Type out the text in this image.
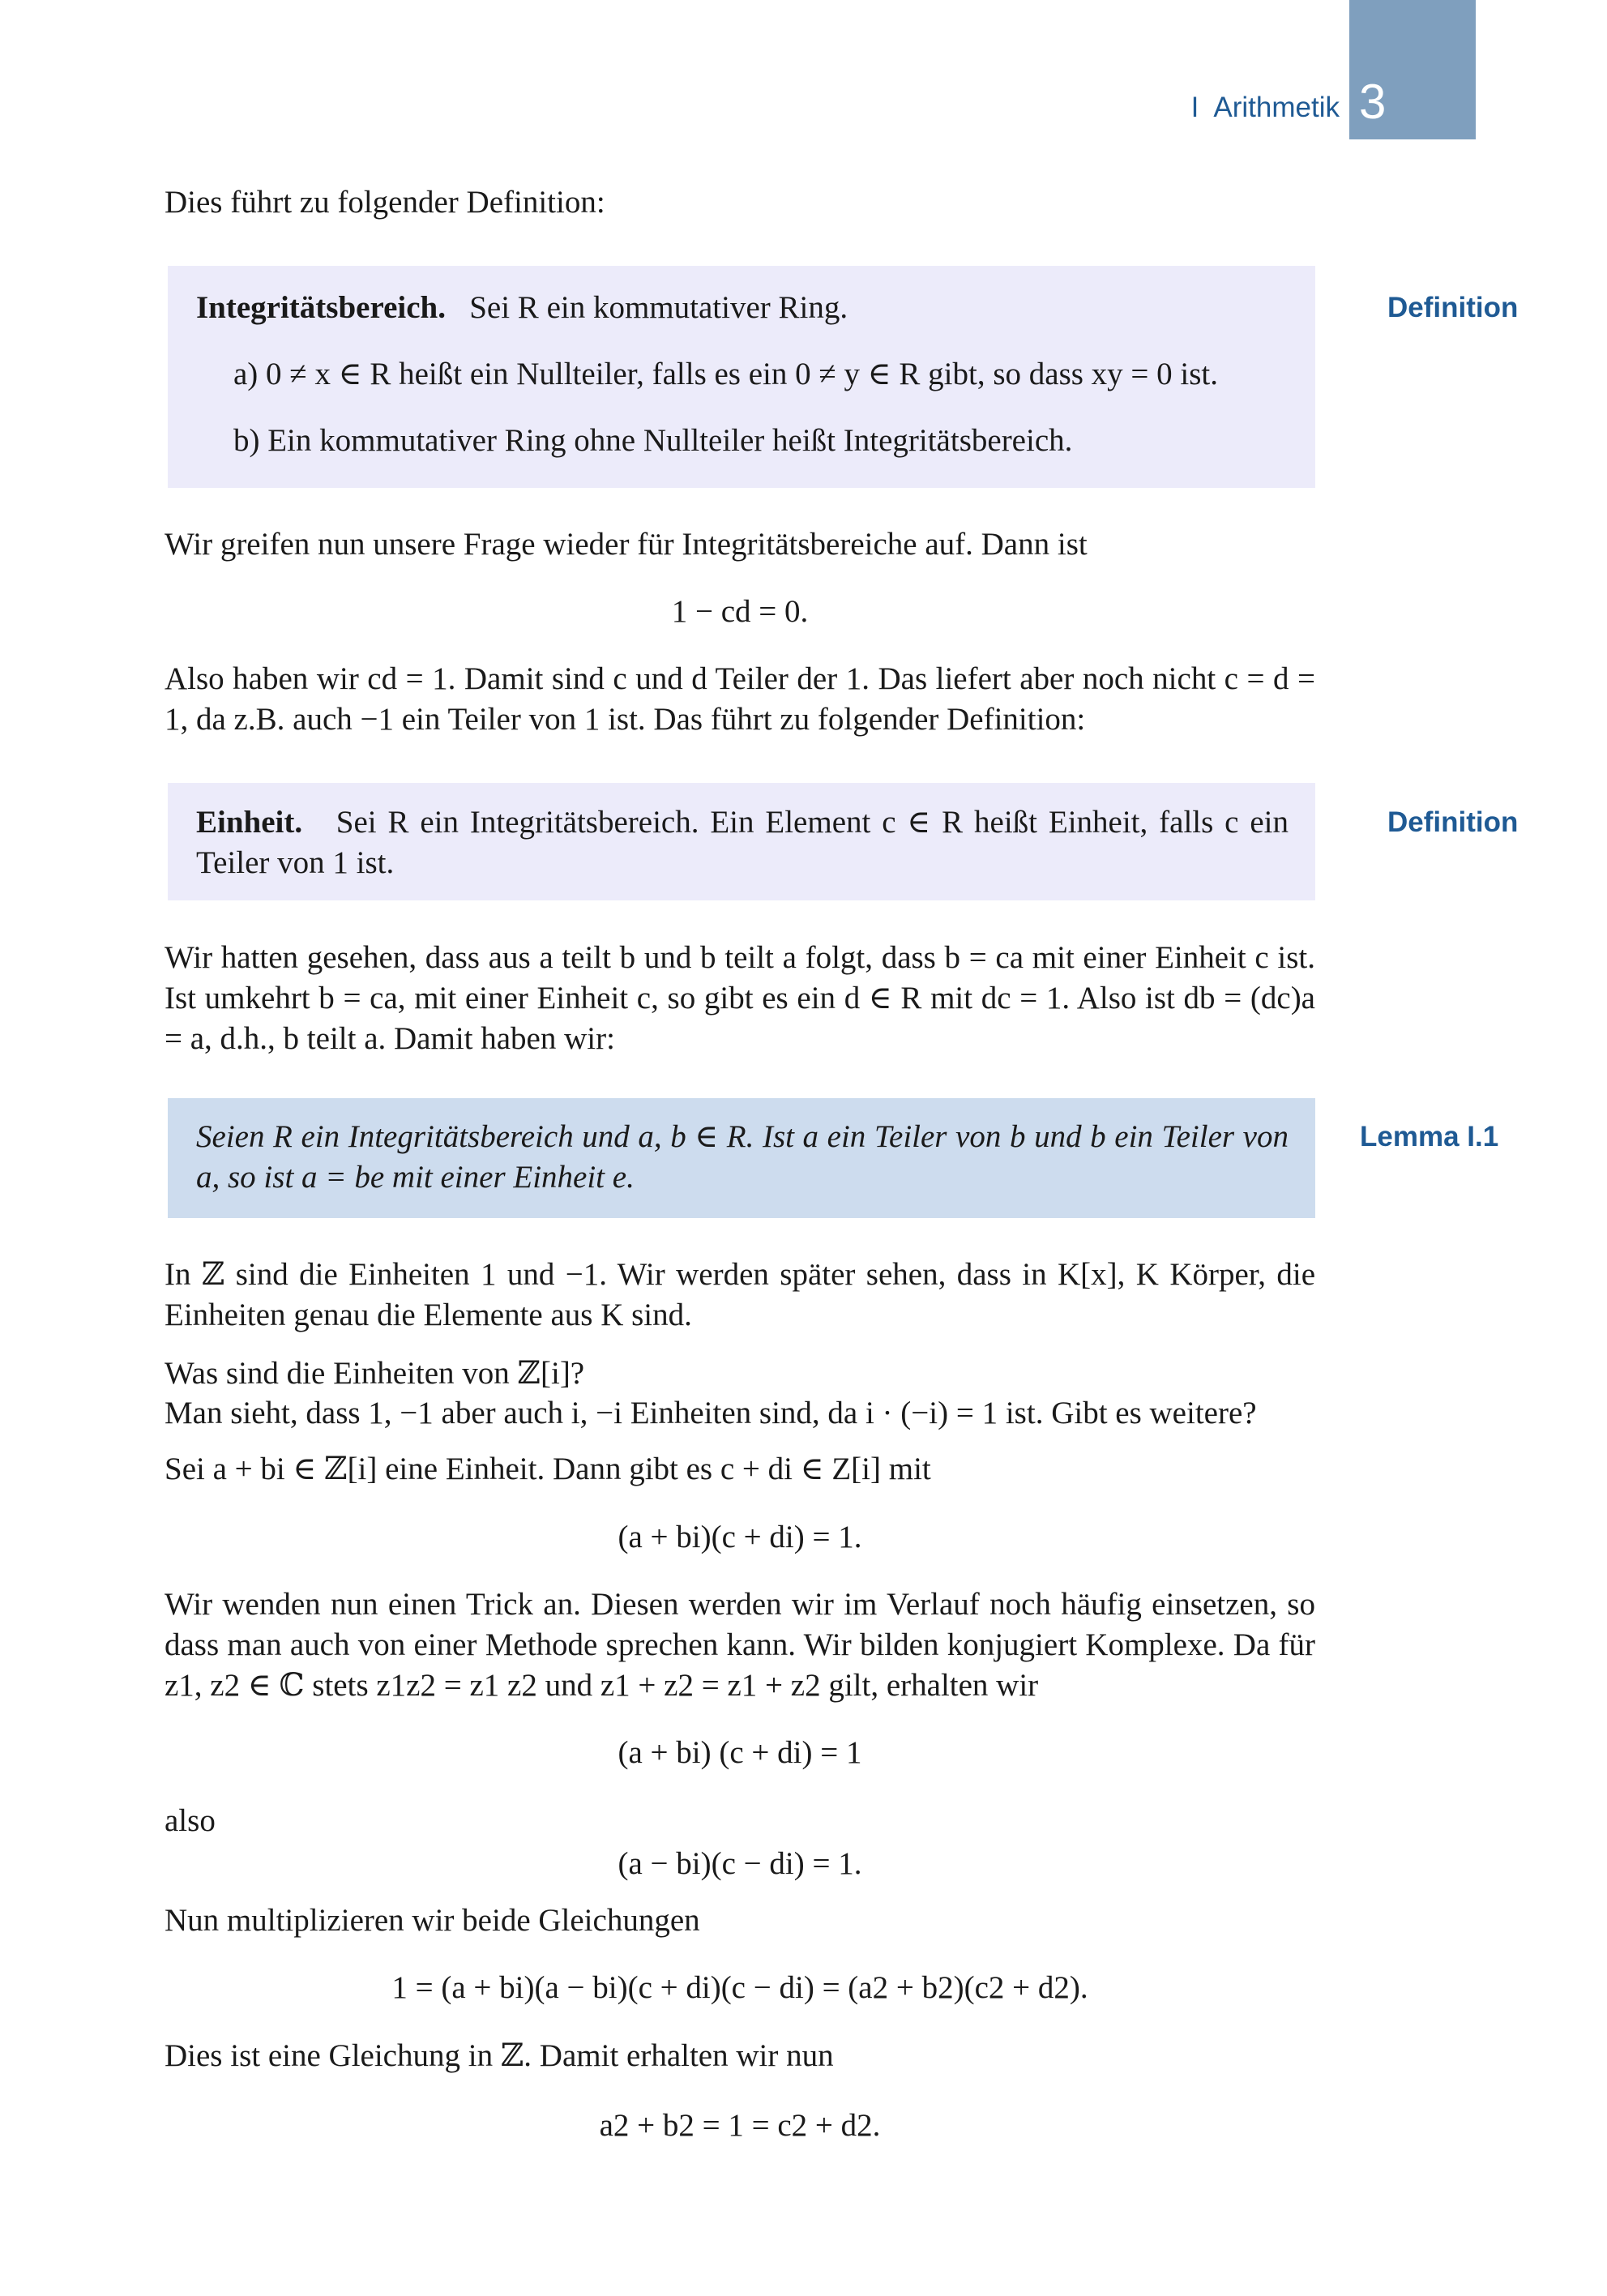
I Arithmetik 3
Dies führt zu folgender Definition:
Integritätsbereich. Sei R ein kommutativer Ring.
a) 0 ≠ x ∈ R heißt ein Nullteiler, falls es ein 0 ≠ y ∈ R gibt, so dass xy = 0 ist.
b) Ein kommutativer Ring ohne Nullteiler heißt Integritätsbereich.
Definition
Wir greifen nun unsere Frage wieder für Integritätsbereiche auf. Dann ist
1 − cd = 0.
Also haben wir cd = 1. Damit sind c und d Teiler der 1. Das liefert aber noch nicht c = d = 1, da z.B. auch −1 ein Teiler von 1 ist. Das führt zu folgender Definition:
Einheit. Sei R ein Integritätsbereich. Ein Element c ∈ R heißt Einheit, falls c ein Teiler von 1 ist.
Definition
Wir hatten gesehen, dass aus a teilt b und b teilt a folgt, dass b = ca mit einer Einheit c ist. Ist umkehrt b = ca, mit einer Einheit c, so gibt es ein d ∈ R mit dc = 1. Also ist db = (dc)a = a, d.h., b teilt a. Damit haben wir:
Seien R ein Integritätsbereich und a, b ∈ R. Ist a ein Teiler von b und b ein Teiler von a, so ist a = be mit einer Einheit e.
Lemma I.1
In ℤ sind die Einheiten 1 und −1. Wir werden später sehen, dass in K[x], K Körper, die Einheiten genau die Elemente aus K sind.
Was sind die Einheiten von ℤ[i]?
Man sieht, dass 1, −1 aber auch i, −i Einheiten sind, da i · (−i) = 1 ist. Gibt es weitere?
Sei a + bi ∈ ℤ[i] eine Einheit. Dann gibt es c + di ∈ Z[i] mit
(a + bi)(c + di) = 1.
Wir wenden nun einen Trick an. Diesen werden wir im Verlauf noch häufig einsetzen, so dass man auch von einer Methode sprechen kann. Wir bilden konjugiert Komplexe. Da für z1, z2 ∈ ℂ stets z1z2 = z1 z2 und z1 + z2 = z1 + z2 gilt, erhalten wir
(a + bi) (c + di) = 1
also
(a − bi)(c − di) = 1.
Nun multiplizieren wir beide Gleichungen
1 = (a + bi)(a − bi)(c + di)(c − di) = (a2 + b2)(c2 + d2).
Dies ist eine Gleichung in ℤ. Damit erhalten wir nun
a2 + b2 = 1 = c2 + d2.
